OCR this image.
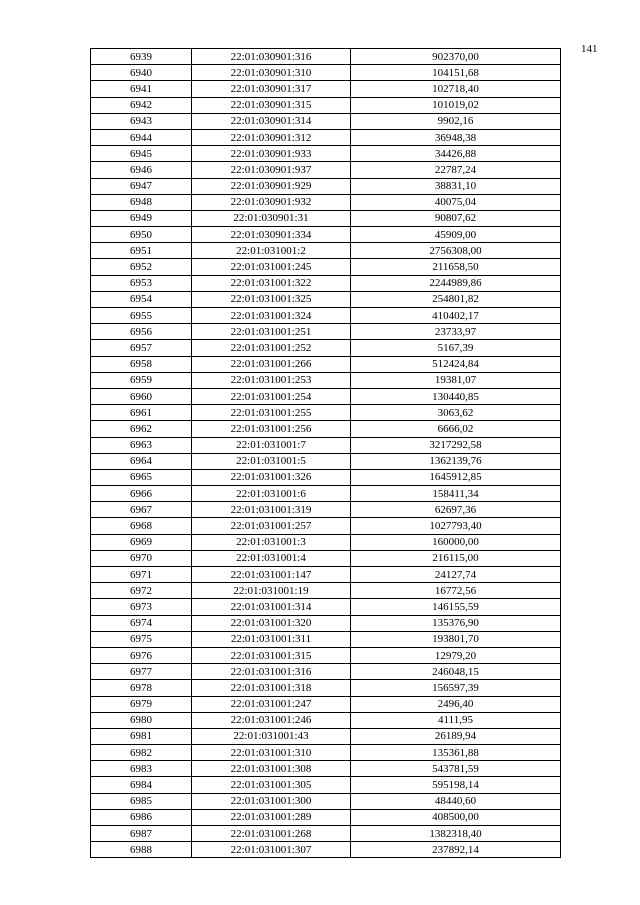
141
6939	22:01:030901:316	902370,00
6940	22:01:030901:310	104151,68
6941	22:01:030901:317	102718,40
6942	22:01:030901:315	101019,02
6943	22:01:030901:314	9902,16
6944	22:01:030901:312	36948,38
6945	22:01:030901:933	34426,88
6946	22:01:030901:937	22787,24
6947	22:01:030901:929	38831,10
6948	22:01:030901:932	40075,04
6949	22:01:030901:31	90807,62
6950	22:01:030901:334	45909,00
6951	22:01:031001:2	2756308,00
6952	22:01:031001:245	211658,50
6953	22:01:031001:322	2244989,86
6954	22:01:031001:325	254801,82
6955	22:01:031001:324	410402,17
6956	22:01:031001:251	23733,97
6957	22:01:031001:252	5167,39
6958	22:01:031001:266	512424,84
6959	22:01:031001:253	19381,07
6960	22:01:031001:254	130440,85
6961	22:01:031001:255	3063,62
6962	22:01:031001:256	6666,02
6963	22:01:031001:7	3217292,58
6964	22:01:031001:5	1362139,76
6965	22:01:031001:326	1645912,85
6966	22:01:031001:6	158411,34
6967	22:01:031001:319	62697,36
6968	22:01:031001:257	1027793,40
6969	22:01:031001:3	160000,00
6970	22:01:031001:4	216115,00
6971	22:01:031001:147	24127,74
6972	22:01:031001:19	16772,56
6973	22:01:031001:314	146155,59
6974	22:01:031001:320	135376,90
6975	22:01:031001:311	193801,70
6976	22:01:031001:315	12979,20
6977	22:01:031001:316	246048,15
6978	22:01:031001:318	156597,39
6979	22:01:031001:247	2496,40
6980	22:01:031001:246	4111,95
6981	22:01:031001:43	26189,94
6982	22:01:031001:310	135361,88
6983	22:01:031001:308	543781,59
6984	22:01:031001:305	595198,14
6985	22:01:031001:300	48440,60
6986	22:01:031001:289	408500,00
6987	22:01:031001:268	1382318,40
6988	22:01:031001:307	237892,14
